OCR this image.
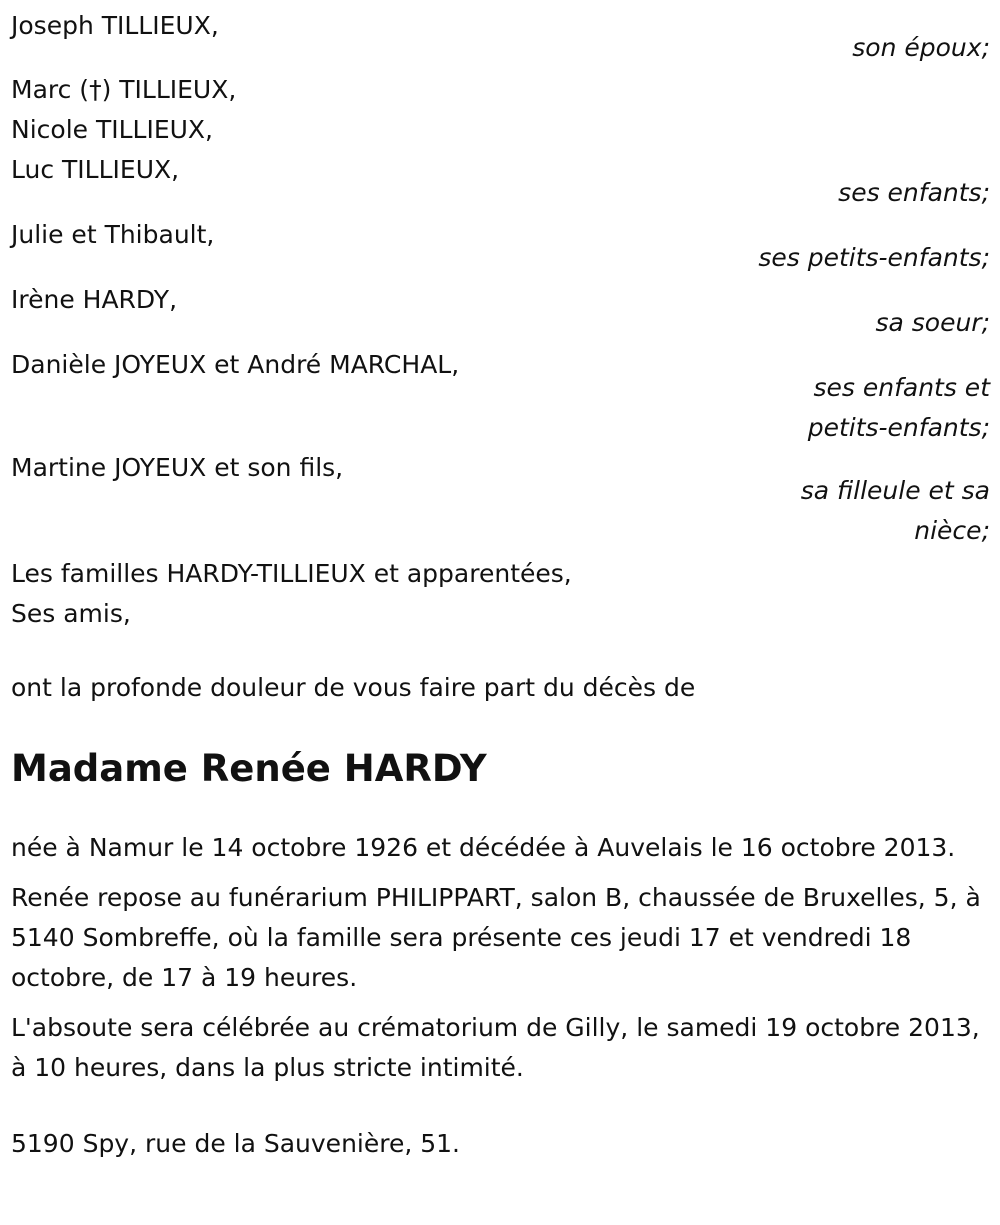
Joseph TILLIEUX,
son époux;
Marc (†) TILLIEUX,
Nicole TILLIEUX,
Luc TILLIEUX,
ses enfants;
Julie et Thibault,
ses petits-enfants;
Irène HARDY,
sa soeur;
Danièle JOYEUX et André MARCHAL,
ses enfants et
petits-enfants;
Martine JOYEUX et son fils,
sa filleule et sa
nièce;
Les familles HARDY-TILLIEUX et apparentées,
Ses amis,
ont la profonde douleur de vous faire part du décès de
Madame Renée HARDY
née à Namur le 14 octobre 1926 et décédée à Auvelais le 16 octobre 2013.
Renée repose au funérarium PHILIPPART, salon B, chaussée de Bruxelles, 5, à 5140 Sombreffe, où la famille sera présente ces jeudi 17 et vendredi 18 octobre, de 17 à 19 heures.
L'absoute sera célébrée au crématorium de Gilly, le samedi 19 octobre 2013, à 10 heures, dans la plus stricte intimité.
5190 Spy, rue de la Sauvenière, 51.
